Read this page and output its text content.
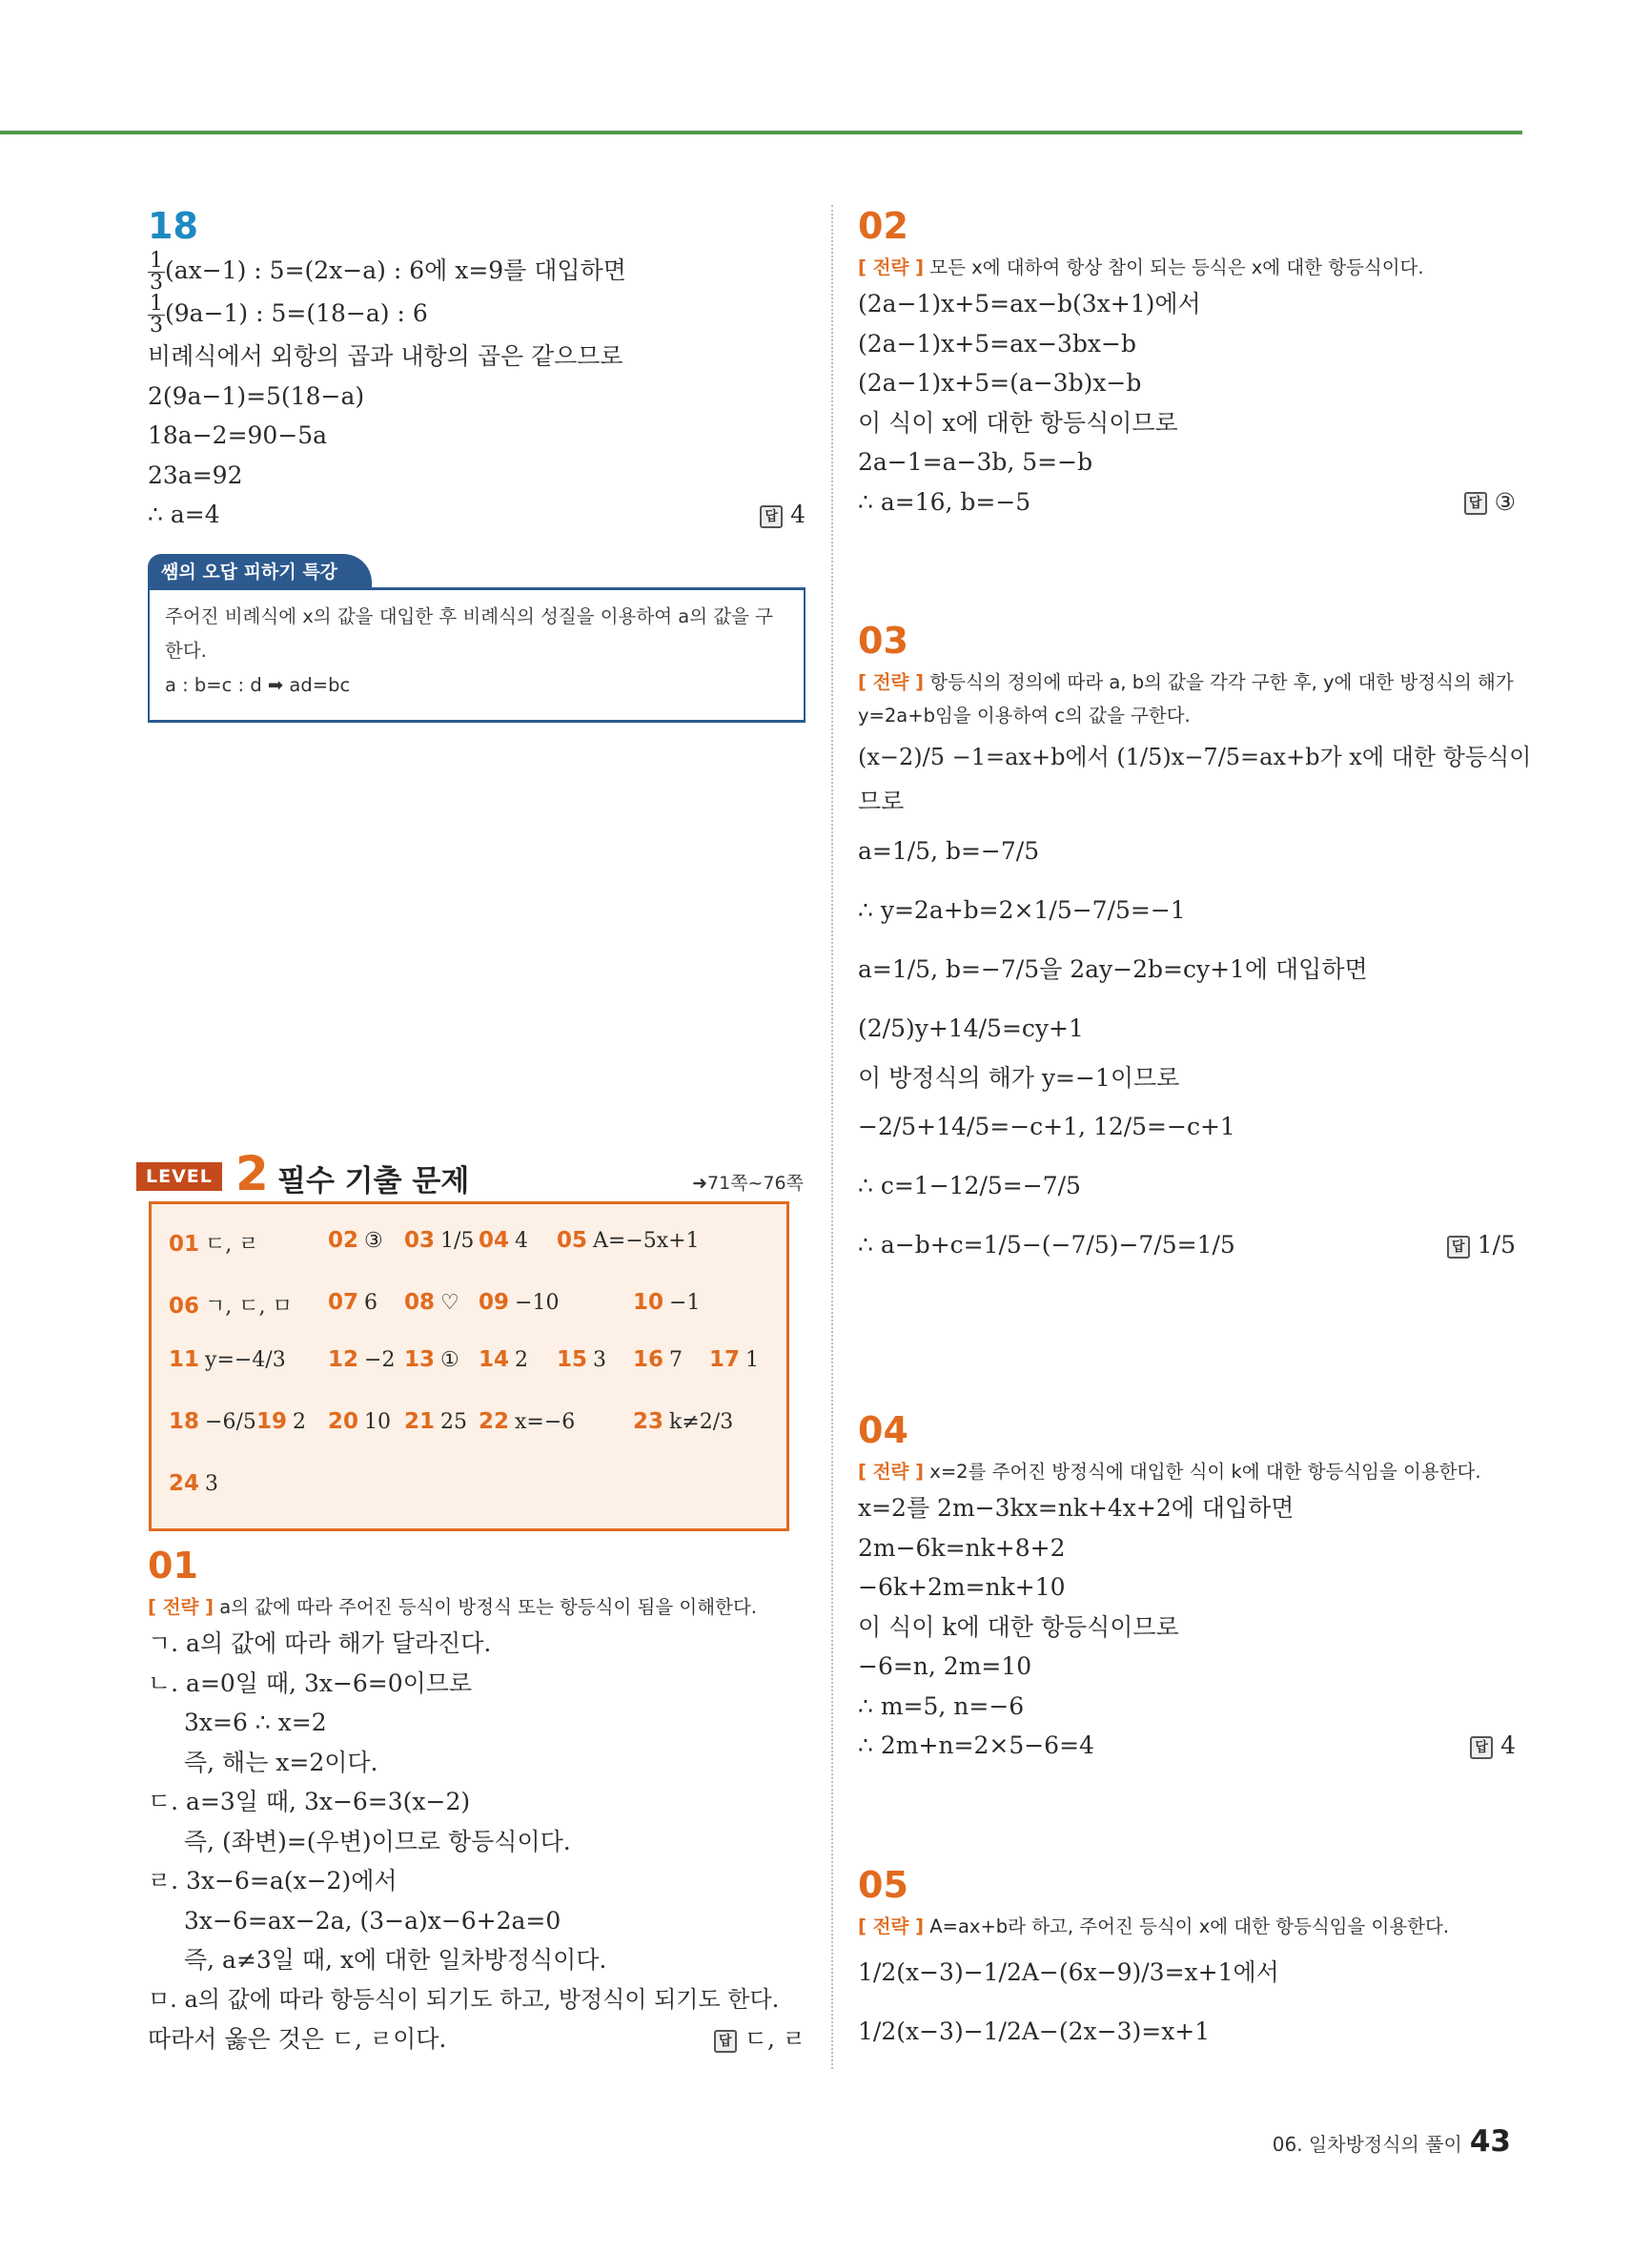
18
$\frac{1}{3} (ax-1)$ : 5=(2x−a) : 6에 x=9를 대입하면
$\frac{1}{3} (9a-1)$ : 5=(18−a) : 6
비례식에서 외항의 곱과 내항의 곱은 같으므로
2(9a−1)=5(18−a)
18a−2=90−5a
23a=92
∴ a=4	답 4
쌤의 오답 피하기 특강
주어진 비례식에 x의 값을 대입한 후 비례식의 성질을 이용하여 a의 값을 구한다.
a : b=c : d ➡ ad=bc
LEVEL 2 필수 기출 문제	➜71쪽~76쪽
01 ㄷ, ㄹ	02 ③ 03 1/5 04 4 05 A=−5x+1
06 ㄱ, ㄷ, ㅁ 07 6 08 ♡ 09 −10	10 −1
11 y=−4/3 12 −2 13 ① 14 2 15 3 16 7 17 1
18 −6/5 19 2 20 10 21 25 22 x=−6	23 k≠2/3
24 3
01
[ 전략 ] a의 값에 따라 주어진 등식이 방정식 또는 항등식이 됨을 이해한다.
ㄱ. a의 값에 따라 해가 달라진다.
ㄴ. a=0일 때, 3x−6=0이므로
3x=6 ∴ x=2
즉, 해는 x=2이다.
ㄷ. a=3일 때, 3x−6=3(x−2)
즉, (좌변)=(우변)이므로 항등식이다.
ㄹ. 3x−6=a(x−2)에서
3x−6=ax−2a, (3−a)x−6+2a=0
즉, a≠3일 때, x에 대한 일차방정식이다.
ㅁ. a의 값에 따라 항등식이 되기도 하고, 방정식이 되기도 한다.
따라서 옳은 것은 ㄷ, ㄹ이다.	답 ㄷ, ㄹ
02
[ 전략 ] 모든 x에 대하여 항상 참이 되는 등식은 x에 대한 항등식이다.
(2a−1)x+5=ax−b(3x+1)에서
(2a−1)x+5=ax−3bx−b
(2a−1)x+5=(a−3b)x−b
이 식이 x에 대한 항등식이므로
2a−1=a−3b, 5=−b
∴ a=16, b=−5	답 ③
03
[ 전략 ] 항등식의 정의에 따라 a, b의 값을 각각 구한 후, y에 대한 방정식의 해가
y=2a+b임을 이용하여 c의 값을 구한다.
(x−2)/5 −1=ax+b에서 (1/5)x−7/5=ax+b가 x에 대한 항등식이
므로
a=1/5, b=−7/5
∴ y=2a+b=2×1/5−7/5=−1
a=1/5, b=−7/5을 2ay−2b=cy+1에 대입하면
(2/5)y+14/5=cy+1
이 방정식의 해가 y=−1이므로
−2/5+14/5=−c+1, 12/5=−c+1
∴ c=1−12/5=−7/5
∴ a−b+c=1/5−(−7/5)−7/5=1/5	답 1/5
04
[ 전략 ] x=2를 주어진 방정식에 대입한 식이 k에 대한 항등식임을 이용한다.
x=2를 2m−3kx=nk+4x+2에 대입하면
2m−6k=nk+8+2
−6k+2m=nk+10
이 식이 k에 대한 항등식이므로
−6=n, 2m=10
∴ m=5, n=−6
∴ 2m+n=2×5−6=4	답 4
05
[ 전략 ] A=ax+b라 하고, 주어진 등식이 x에 대한 항등식임을 이용한다.
1/2(x−3)−1/2A−(6x−9)/3=x+1에서
1/2(x−3)−1/2A−(2x−3)=x+1
06. 일차방정식의 풀이 43
